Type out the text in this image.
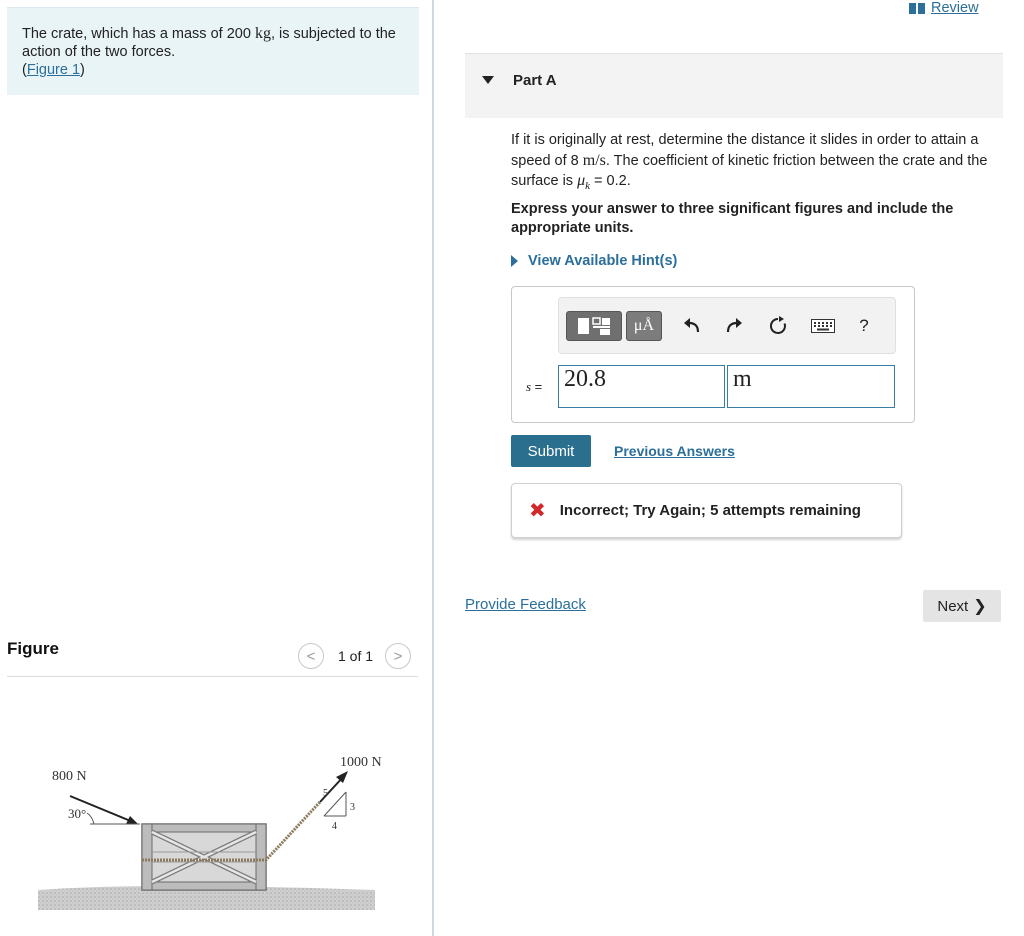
The crate, which has a mass of 200 kg, is subjected to the action of the two forces.
(Figure 1)
Figure	< 1 of 1 >
800 N
30°
1000 N
5
3
4
Review
Part A
If it is originally at rest, determine the distance it slides in order to attain a speed of 8 m/s. The coefficient of kinetic friction between the crate and the surface is $\mu_k = 0.2$.
Express your answer to three significant figures and include the appropriate units.
View Available Hint(s)
μÅ	?
s = 20.8	m
Submit	Previous Answers
✖ Incorrect; Try Again; 5 attempts remaining
Provide Feedback	Next ❯
